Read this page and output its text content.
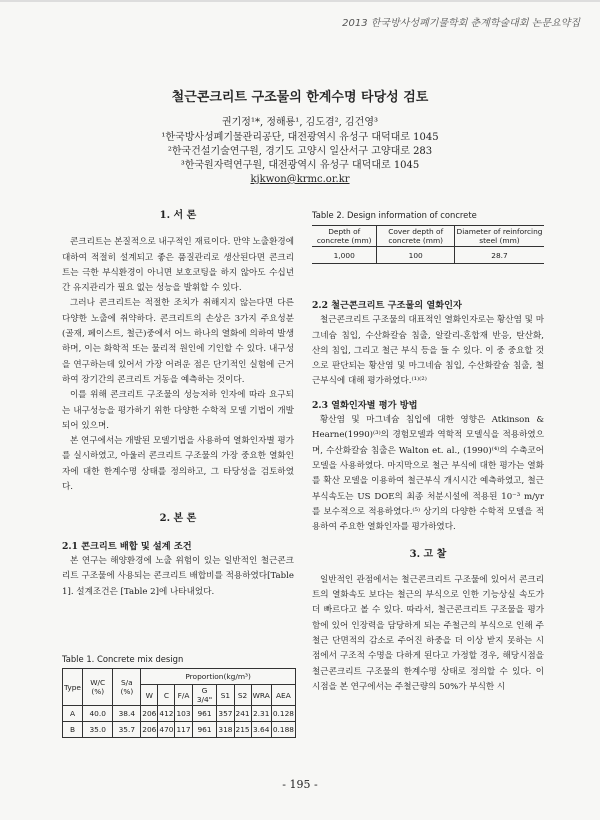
2013 한국방사성폐기물학회 춘계학술대회 논문요약집
철근콘크리트 구조물의 한계수명 타당성 검토
권기정¹*, 정해룡¹, 김도겸², 김건영³
¹한국방사성폐기물관리공단, 대전광역시 유성구 대덕대로 1045
²한국건설기술연구원, 경기도 고양시 일산서구 고양대로 283
³한국원자력연구원, 대전광역시 유성구 대덕대로 1045
kjkwon@krmc.or.kr
1. 서 론

콘크리트는 본질적으로 내구적인 재료이다. 만약 노출환경에 대하여 적절히 설계되고 좋은 품질관리로 생산된다면 콘크리트는 극한 부식환경이 아니면 보호코팅을 하지 않아도 수십년간 유지관리가 필요 없는 성능을 발휘할 수 있다.

그러나 콘크리트는 적절한 조치가 취해지지 않는다면 다른 다양한 노출에 취약하다. 콘크리트의 손상은 3가지 주요성분(골재, 페이스트, 철근)중에서 어느 하나의 열화에 의하여 발생하며, 이는 화학적 또는 물리적 원인에 기인할 수 있다. 내구성을 연구하는데 있어서 가장 어려운 점은 단기적인 실험에 근거하여 장기간의 콘크리트 거동을 예측하는 것이다.

이를 위해 콘크리트 구조물의 성능저하 인자에 따라 요구되는 내구성능을 평가하기 위한 다양한 수학적 모델 기법이 개발되어 있으며.

본 연구에서는 개발된 모델기법을 사용하여 열화인자별 평가를 실시하였고, 아울러 콘크리트 구조물의 가장 중요한 열화인자에 대한 한계수명 상태를 정의하고, 그 타당성을 검토하였다.

2. 본 론
2.1 콘크리트 배합 및 설계 조건

본 연구는 해양환경에 노출 위험이 있는 일반적인 철근콘크리트 구조물에 사용되는 콘크리트 배합비를 적용하였다[Table 1]. 설계조건은 [Table 2]에 나타내었다.

Table 1. Concrete mix design
Type	W/C (%)	S/a (%)	Proportion(kg/m³)							
			W	C	F/A	G 3/4"	S1	S2	WRA	AEA
A	40.0	38.4	206	412	103	961	357	241	2.31	0.128
B	35.0	35.7	206	470	117	961	318	215	3.64	0.188
Table 2. Design information of concrete
Depth of concrete (mm)	Cover depth of concrete (mm)	Diameter of reinforcing steel (mm)
1,000	100	28.7
2.2 철근콘크리트 구조물의 열화인자

철근콘크리트 구조물의 대표적인 열화인자로는 황산염 및 마그네슘 침입, 수산화칼슘 침출, 알칼리-혼합재 반응, 탄산화, 산의 침입, 그리고 철근 부식 등을 들 수 있다. 이 중 중요할 것으로 판단되는 황산염 및 마그네슘 침입, 수산화칼슘 침출, 철근부식에 대해 평가하였다.⁽¹⁾⁽²⁾

2.3 열화인자별 평가 방법

황산염 및 마그네슘 침입에 대한 영향은 Atkinson & Hearne(1990)⁽³⁾의 경험모델과 역학적 모델식을 적용하였으며, 수산화칼슘 침출은 Walton et. al., (1990)⁽⁴⁾의 수축코어 모델을 사용하였다. 마지막으로 철근 부식에 대한 평가는 열화를 확산 모델을 이용하여 철근부식 개시시간 예측하였고, 철근 부식속도는 US DOE의 최종 처분시설에 적용된 10⁻³ m/yr를 보수적으로 적용하였다.⁽⁵⁾ 상기의 다양한 수학적 모델을 적용하여 주요한 열화인자를 평가하였다.

3. 고 찰

일반적인 관점에서는 철근콘크리트 구조물에 있어서 콘크리트의 열화속도 보다는 철근의 부식으로 인한 기능상실 속도가 더 빠르다고 볼 수 있다. 따라서, 철근콘크리트 구조물을 평가함에 있어 인장력을 담당하게 되는 주철근의 부식으로 인해 주철근 단면적의 감소로 주어진 하중을 더 이상 받지 못하는 시점에서 구조적 수명을 다하게 된다고 가정할 경우, 해당시점을 철근콘크리트 구조물의 한계수명 상태로 정의할 수 있다. 이 시점을 본 연구에서는 주철근량의 50%가 부식한 시

- 195 -
